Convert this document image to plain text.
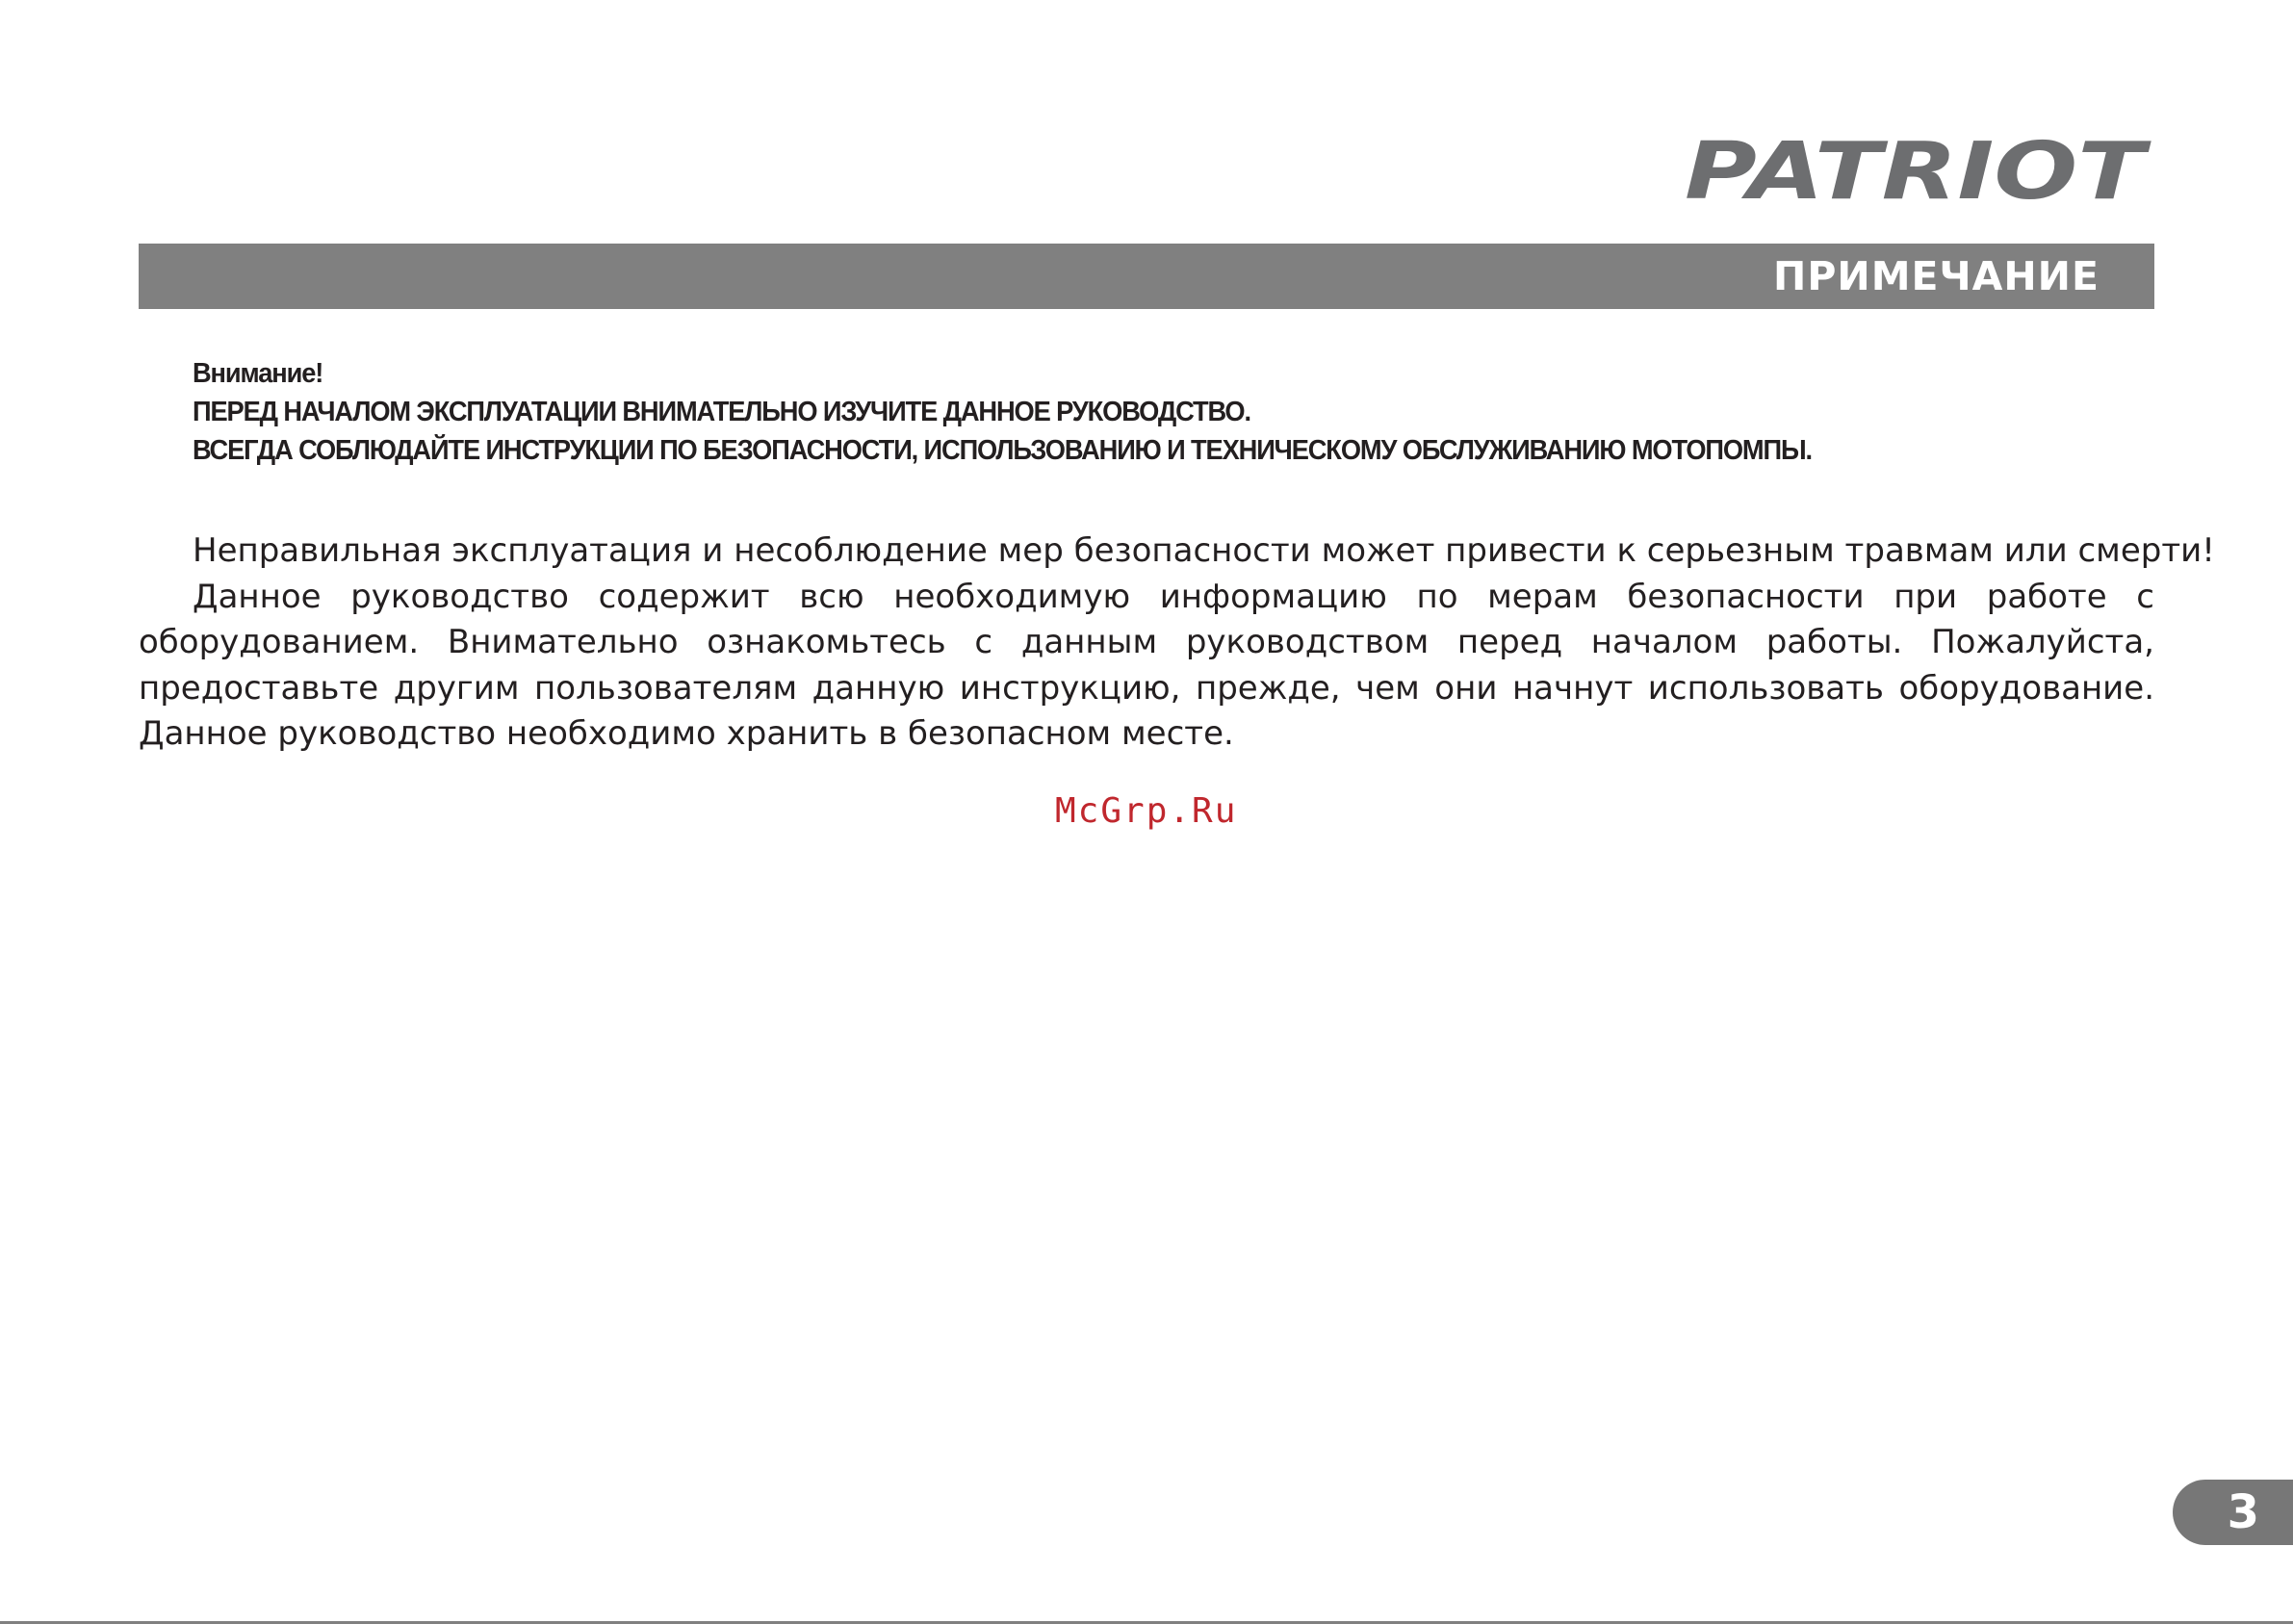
PATRIOT
ПРИМЕЧАНИЕ
Внимание!
ПЕРЕД НАЧАЛОМ ЭКСПЛУАТАЦИИ ВНИМАТЕЛЬНО ИЗУЧИТЕ ДАННОЕ РУКОВОДСТВО.
ВСЕГДА СОБЛЮДАЙТЕ ИНСТРУКЦИИ ПО БЕЗОПАСНОСТИ, ИСПОЛЬЗОВАНИЮ И ТЕХНИЧЕСКОМУ ОБСЛУЖИВАНИЮ МОТОПОМПЫ.

Неправильная эксплуатация и несоблюдение мер безопасности может привести к серьезным травмам или смерти!

Данное руководство содержит всю необходимую информацию по мерам безопасности при работе с оборудованием. Внимательно ознакомьтесь с данным руководством перед началом работы. Пожалуйста, предоставьте другим пользователям данную инструкцию, прежде, чем они начнут использовать оборудование. Данное руководство необходимо хранить в безопасном месте.

McGrp.Ru
3
